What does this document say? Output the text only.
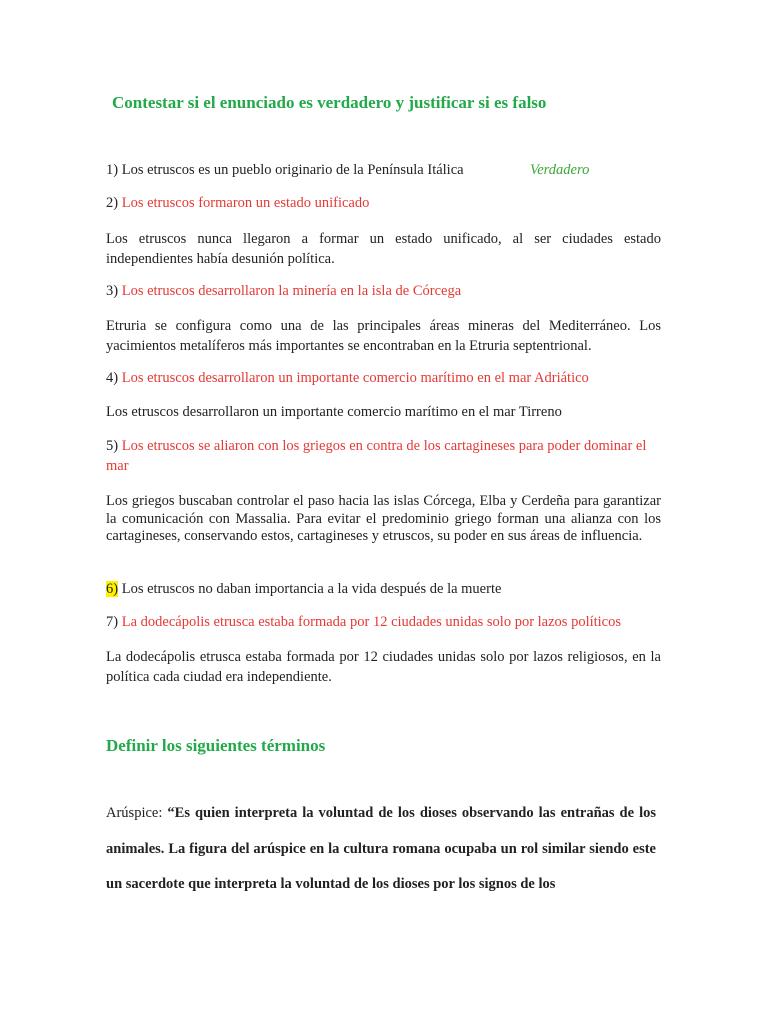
Contestar si el enunciado es verdadero y justificar si es falso
1) Los etruscos es un pueblo originario de la Península Itálica	Verdadero
2) Los etruscos formaron un estado unificado
Los etruscos nunca llegaron a formar un estado unificado, al ser ciudades estado independientes había desunión política.
3) Los etruscos desarrollaron la minería en la isla de Córcega
Etruria se configura como una de las principales áreas mineras del Mediterráneo. Los yacimientos metalíferos más importantes se encontraban en la Etruria septentrional.
4) Los etruscos desarrollaron un importante comercio marítimo en el mar Adriático
Los etruscos desarrollaron un importante comercio marítimo en el mar Tirreno
5) Los etruscos se aliaron con los griegos en contra de los cartagineses para poder dominar el mar
Los griegos buscaban controlar el paso hacia las islas Córcega, Elba y Cerdeña para garantizar la comunicación con Massalia. Para evitar el predominio griego forman una alianza con los cartagineses, conservando estos, cartagineses y etruscos, su poder en sus áreas de influencia.
6) Los etruscos no daban importancia a la vida después de la muerte
7) La dodecápolis etrusca estaba formada por 12 ciudades unidas solo por lazos políticos
La dodecápolis etrusca estaba formada por 12 ciudades unidas solo por lazos religiosos, en la política cada ciudad era independiente.
Definir los siguientes términos
Arúspice: “Es quien interpreta la voluntad de los dioses observando las entrañas de los animales. La figura del arúspice en la cultura romana ocupaba un rol similar siendo este un sacerdote que interpreta la voluntad de los dioses por los signos de los
